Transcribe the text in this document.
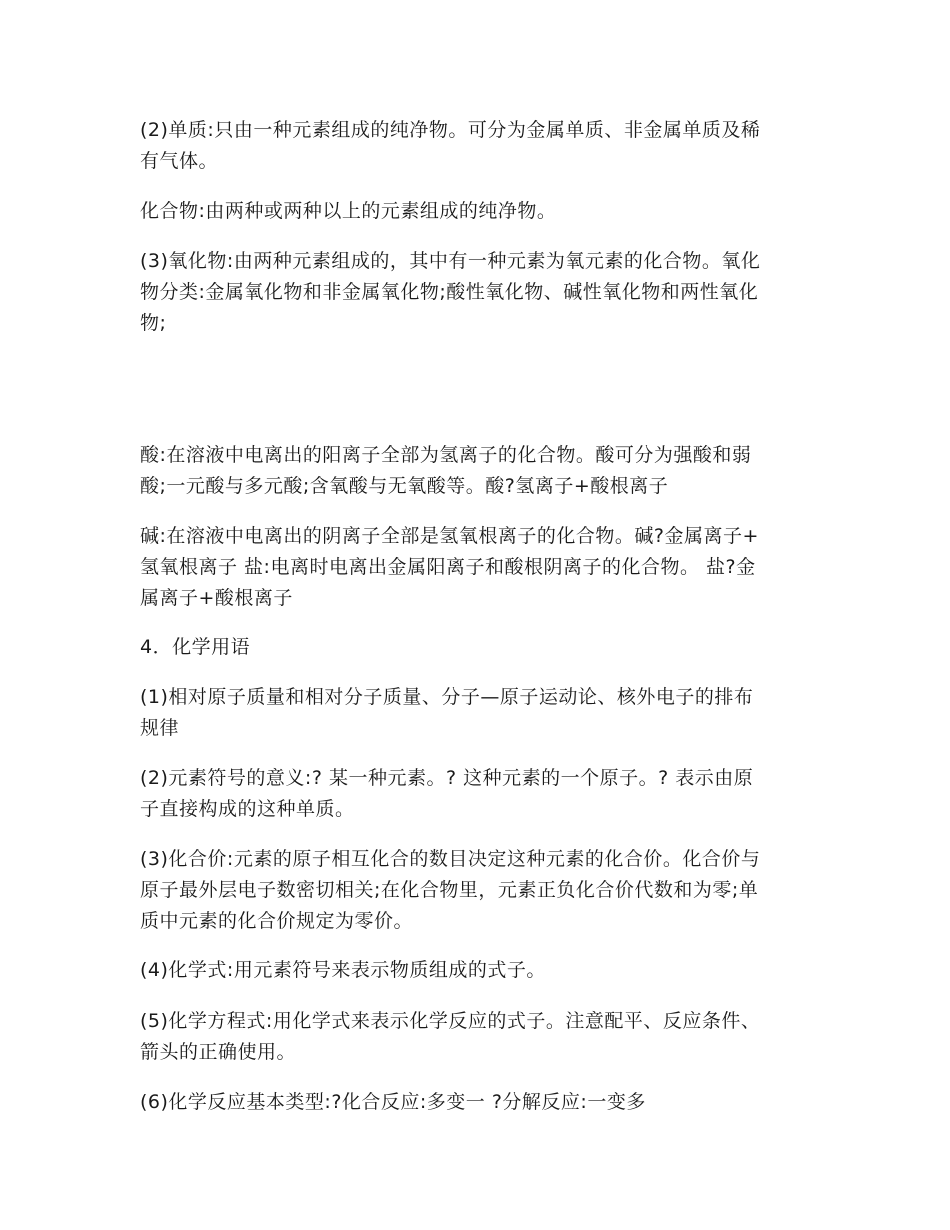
(2)单质:只由一种元素组成的纯净物。可分为金属单质、非金属单质及稀
有气体。

化合物:由两种或两种以上的元素组成的纯净物。

(3)氧化物:由两种元素组成的，其中有一种元素为氧元素的化合物。氧化
物分类:金属氧化物和非金属氧化物;酸性氧化物、碱性氧化物和两性氧化
物;

酸:在溶液中电离出的阳离子全部为氢离子的化合物。酸可分为强酸和弱
酸;一元酸与多元酸;含氧酸与无氧酸等。酸?氢离子+酸根离子

碱:在溶液中电离出的阴离子全部是氢氧根离子的化合物。碱?金属离子+
氢氧根离子 盐:电离时电离出金属阳离子和酸根阴离子的化合物。 盐?金
属离子+酸根离子

4．化学用语

(1)相对原子质量和相对分子质量、分子—原子运动论、核外电子的排布
规律

(2)元素符号的意义:? 某一种元素。? 这种元素的一个原子。? 表示由原
子直接构成的这种单质。

(3)化合价:元素的原子相互化合的数目决定这种元素的化合价。化合价与
原子最外层电子数密切相关;在化合物里，元素正负化合价代数和为零;单
质中元素的化合价规定为零价。

(4)化学式:用元素符号来表示物质组成的式子。

(5)化学方程式:用化学式来表示化学反应的式子。注意配平、反应条件、
箭头的正确使用。

(6)化学反应基本类型:?化合反应:多变一 ?分解反应:一变多
